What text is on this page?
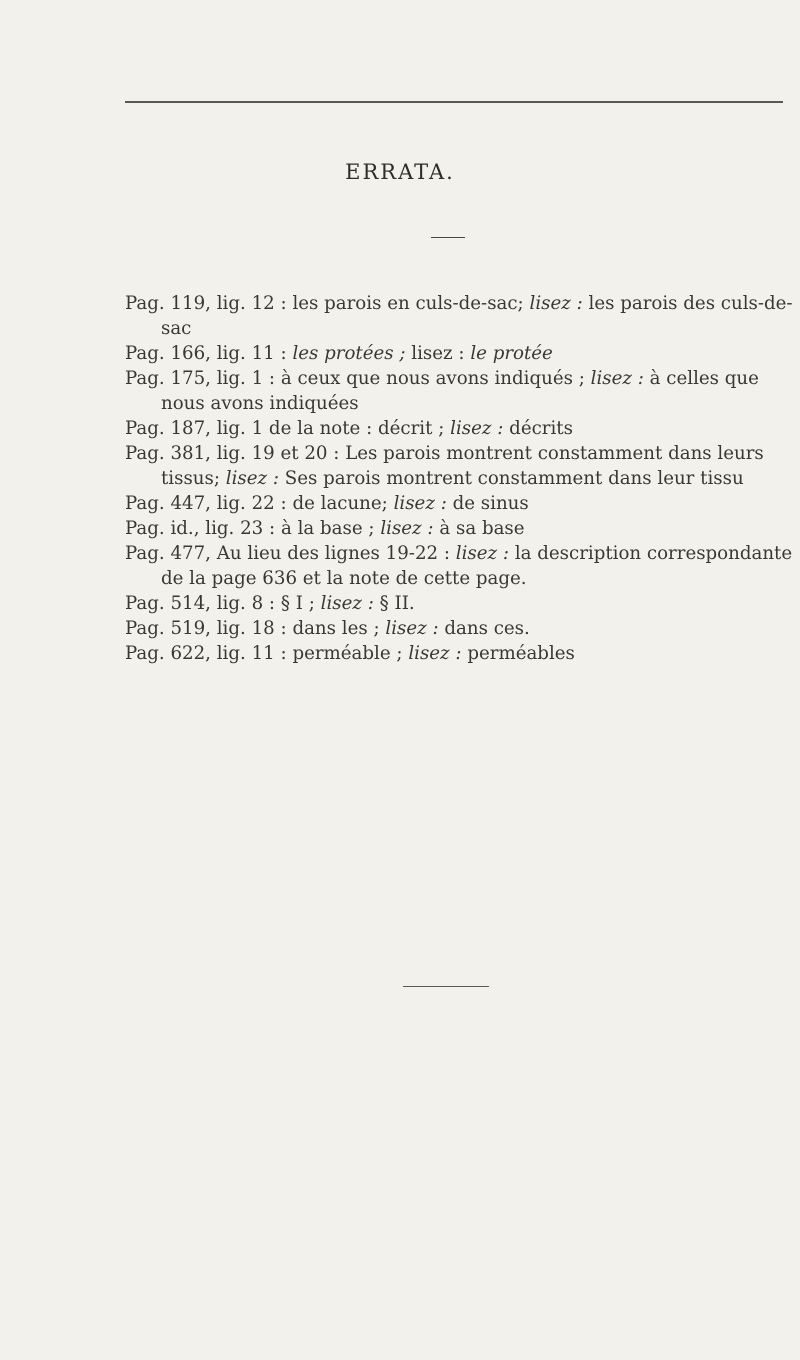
ERRATA.

Pag. 119, lig. 12 : les parois en culs-de-sac; lisez : les parois des culs-de-sac

Pag. 166, lig. 11 : les protées ; lisez : le protée

Pag. 175, lig. 1 : à ceux que nous avons indiqués ; lisez : à celles que nous avons indiquées

Pag. 187, lig. 1 de la note : décrit ; lisez : décrits

Pag. 381, lig. 19 et 20 : Les parois montrent constamment dans leurs tissus; lisez : Ses parois montrent constamment dans leur tissu

Pag. 447, lig. 22 : de lacune; lisez : de sinus

Pag. id., lig. 23 : à la base ; lisez : à sa base

Pag. 477, Au lieu des lignes 19-22 : lisez : la description correspondante de la page 636 et la note de cette page.

Pag. 514, lig. 8 : § I ; lisez : § II.

Pag. 519, lig. 18 : dans les ; lisez : dans ces.

Pag. 622, lig. 11 : perméable ; lisez : perméables
